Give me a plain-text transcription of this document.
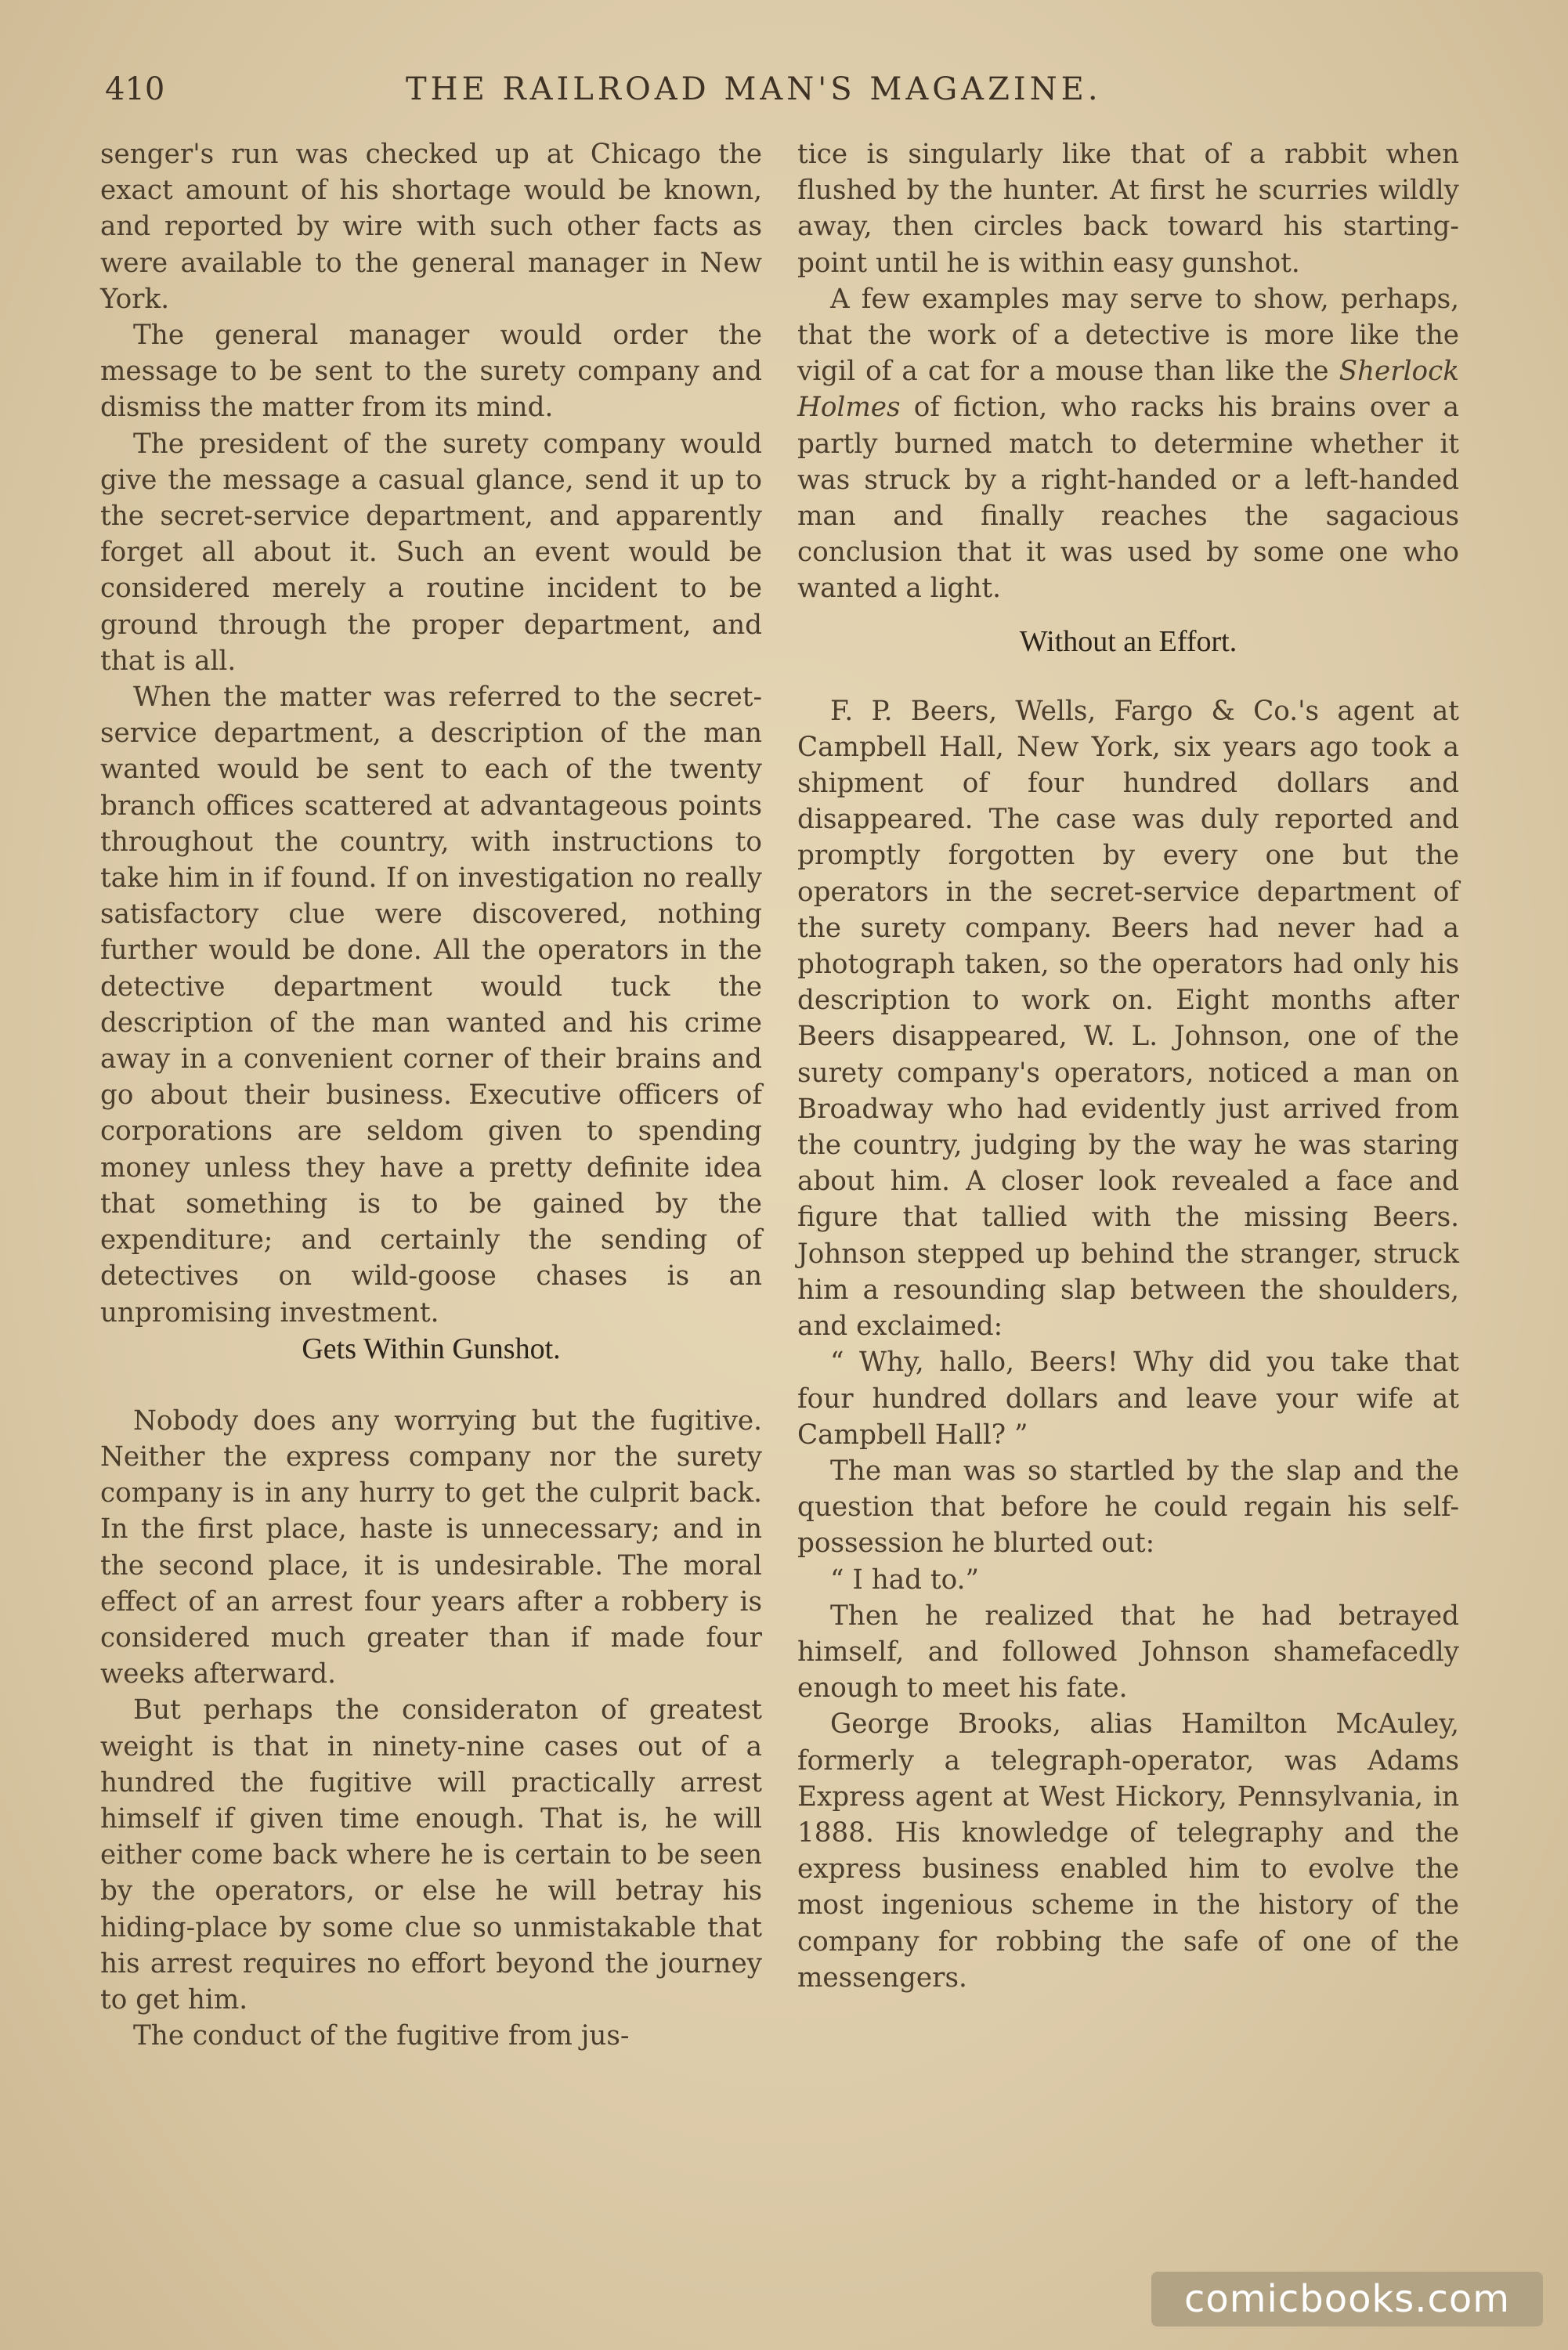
410	THE RAILROAD MAN'S MAGAZINE.

senger's run was checked up at Chicago the exact amount of his shortage would be known, and reported by wire with such other facts as were available to the general manager in New York.

The general manager would order the message to be sent to the surety company and dismiss the matter from its mind.

The president of the surety company would give the message a casual glance, send it up to the secret-service department, and apparently forget all about it. Such an event would be considered merely a routine incident to be ground through the proper department, and that is all.

When the matter was referred to the secret-service department, a description of the man wanted would be sent to each of the twenty branch offices scattered at advantageous points throughout the country, with instructions to take him in if found. If on investigation no really satisfactory clue were discovered, nothing further would be done. All the operators in the detective department would tuck the description of the man wanted and his crime away in a convenient corner of their brains and go about their business. Executive officers of corporations are seldom given to spending money unless they have a pretty definite idea that something is to be gained by the expenditure; and certainly the sending of detectives on wild-goose chases is an unpromising investment.

Gets Within Gunshot.

Nobody does any worrying but the fugitive. Neither the express company nor the surety company is in any hurry to get the culprit back. In the first place, haste is unnecessary; and in the second place, it is undesirable. The moral effect of an arrest four years after a robbery is considered much greater than if made four weeks afterward.

But perhaps the consideraton of greatest weight is that in ninety-nine cases out of a hundred the fugitive will practically arrest himself if given time enough. That is, he will either come back where he is certain to be seen by the operators, or else he will betray his hiding-place by some clue so unmistakable that his arrest requires no effort beyond the journey to get him.

The conduct of the fugitive from jus-

tice is singularly like that of a rabbit when flushed by the hunter. At first he scurries wildly away, then circles back toward his starting-point until he is within easy gunshot.

A few examples may serve to show, perhaps, that the work of a detective is more like the vigil of a cat for a mouse than like the Sherlock Holmes of fiction, who racks his brains over a partly burned match to determine whether it was struck by a right-handed or a left-handed man and finally reaches the sagacious conclusion that it was used by some one who wanted a light.

Without an Effort.

F. P. Beers, Wells, Fargo & Co.'s agent at Campbell Hall, New York, six years ago took a shipment of four hundred dollars and disappeared. The case was duly reported and promptly forgotten by every one but the operators in the secret-service department of the surety company. Beers had never had a photograph taken, so the operators had only his description to work on. Eight months after Beers disappeared, W. L. Johnson, one of the surety company's operators, noticed a man on Broadway who had evidently just arrived from the country, judging by the way he was staring about him. A closer look revealed a face and figure that tallied with the missing Beers. Johnson stepped up behind the stranger, struck him a resounding slap between the shoulders, and exclaimed:

“ Why, hallo, Beers! Why did you take that four hundred dollars and leave your wife at Campbell Hall? ”

The man was so startled by the slap and the question that before he could regain his self-possession he blurted out:

“ I had to.”

Then he realized that he had betrayed himself, and followed Johnson shamefacedly enough to meet his fate.

George Brooks, alias Hamilton McAuley, formerly a telegraph-operator, was Adams Express agent at West Hickory, Pennsylvania, in 1888. His knowledge of telegraphy and the express business enabled him to evolve the most ingenious scheme in the history of the company for robbing the safe of one of the messengers.

comicbooks.com
